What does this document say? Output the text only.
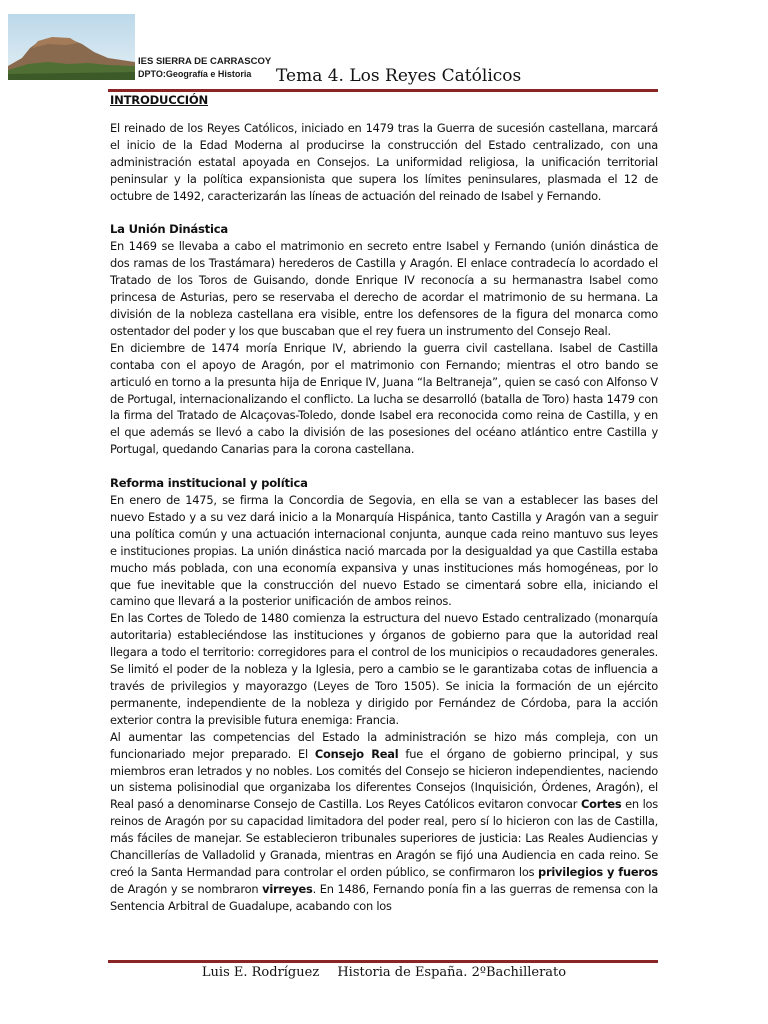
IES SIERRA DE CARRASCOY
DPTO:Geografía e Historia	Tema 4. Los Reyes Católicos
INTRODUCCIÓN

El reinado de los Reyes Católicos, iniciado en 1479 tras la Guerra de sucesión castellana, marcará el inicio de la Edad Moderna al producirse la construcción del Estado centralizado, con una administración estatal apoyada en Consejos. La uniformidad religiosa, la unificación territorial peninsular y la política expansionista que supera los límites peninsulares, plasmada el 12 de octubre de 1492, caracterizarán las líneas de actuación del reinado de Isabel y Fernando.

La Unión Dinástica

En 1469 se llevaba a cabo el matrimonio en secreto entre Isabel y Fernando (unión dinástica de dos ramas de los Trastámara) herederos de Castilla y Aragón. El enlace contradecía lo acordado el Tratado de los Toros de Guisando, donde Enrique IV reconocía a su hermanastra Isabel como princesa de Asturias, pero se reservaba el derecho de acordar el matrimonio de su hermana. La división de la nobleza castellana era visible, entre los defensores de la figura del monarca como ostentador del poder y los que buscaban que el rey fuera un instrumento del Consejo Real.

En diciembre de 1474 moría Enrique IV, abriendo la guerra civil castellana. Isabel de Castilla contaba con el apoyo de Aragón, por el matrimonio con Fernando; mientras el otro bando se articuló en torno a la presunta hija de Enrique IV, Juana “la Beltraneja”, quien se casó con Alfonso V de Portugal, internacionalizando el conflicto. La lucha se desarrolló (batalla de Toro) hasta 1479 con la firma del Tratado de Alcaçovas-Toledo, donde Isabel era reconocida como reina de Castilla, y en el que además se llevó a cabo la división de las posesiones del océano atlántico entre Castilla y Portugal, quedando Canarias para la corona castellana.

Reforma institucional y política

En enero de 1475, se firma la Concordia de Segovia, en ella se van a establecer las bases del nuevo Estado y a su vez dará inicio a la Monarquía Hispánica, tanto Castilla y Aragón van a seguir una política común y una actuación internacional conjunta, aunque cada reino mantuvo sus leyes e instituciones propias. La unión dinástica nació marcada por la desigualdad ya que Castilla estaba mucho más poblada, con una economía expansiva y unas instituciones más homogéneas, por lo que fue inevitable que la construcción del nuevo Estado se cimentará sobre ella, iniciando el camino que llevará a la posterior unificación de ambos reinos.

En las Cortes de Toledo de 1480 comienza la estructura del nuevo Estado centralizado (monarquía autoritaria) estableciéndose las instituciones y órganos de gobierno para que la autoridad real llegara a todo el territorio: corregidores para el control de los municipios o recaudadores generales. Se limitó el poder de la nobleza y la Iglesia, pero a cambio se le garantizaba cotas de influencia a través de privilegios y mayorazgo (Leyes de Toro 1505). Se inicia la formación de un ejército permanente, independiente de la nobleza y dirigido por Fernández de Córdoba, para la acción exterior contra la previsible futura enemiga: Francia.

Al aumentar las competencias del Estado la administración se hizo más compleja, con un funcionariado mejor preparado. El Consejo Real fue el órgano de gobierno principal, y sus miembros eran letrados y no nobles. Los comités del Consejo se hicieron independientes, naciendo un sistema polisinodial que organizaba los diferentes Consejos (Inquisición, Órdenes, Aragón), el Real pasó a denominarse Consejo de Castilla. Los Reyes Católicos evitaron convocar Cortes en los reinos de Aragón por su capacidad limitadora del poder real, pero sí lo hicieron con las de Castilla, más fáciles de manejar. Se establecieron tribunales superiores de justicia: Las Reales Audiencias y Chancillerías de Valladolid y Granada, mientras en Aragón se fijó una Audiencia en cada reino. Se creó la Santa Hermandad para controlar el orden público, se confirmaron los privilegios y fueros de Aragón y se nombraron virreyes. En 1486, Fernando ponía fin a las guerras de remensa con la Sentencia Arbitral de Guadalupe, acabando con los

Luis E. Rodríguez Historia de España. 2ºBachillerato
